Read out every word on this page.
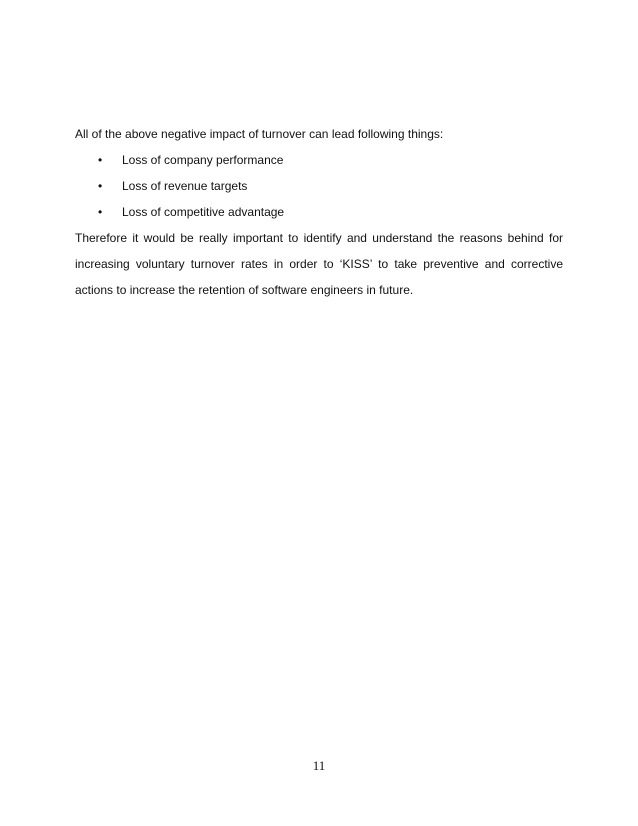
All of the above negative impact of turnover can lead following things:

• Loss of company performance
• Loss of revenue targets
• Loss of competitive advantage

Therefore it would be really important to identify and understand the reasons behind for increasing voluntary turnover rates in order to ‘KISS’ to take preventive and corrective actions to increase the retention of software engineers in future.

11
